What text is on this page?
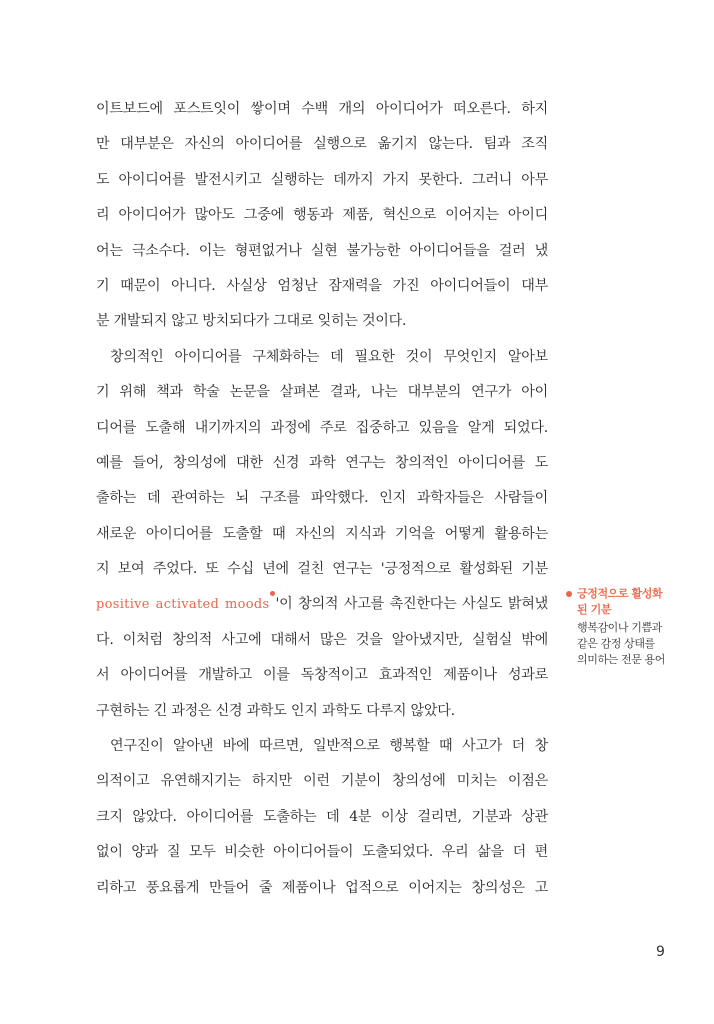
이트보드에 포스트잇이 쌓이며 수백 개의 아이디어가 떠오른다. 하지
만 대부분은 자신의 아이디어를 실행으로 옮기지 않는다. 팀과 조직
도 아이디어를 발전시키고 실행하는 데까지 가지 못한다. 그러니 아무
리 아이디어가 많아도 그중에 행동과 제품, 혁신으로 이어지는 아이디
어는 극소수다. 이는 형편없거나 실현 불가능한 아이디어들을 걸러 냈
기 때문이 아니다. 사실상 엄청난 잠재력을 가진 아이디어들이 대부
분 개발되지 않고 방치되다가 그대로 잊히는 것이다.
창의적인 아이디어를 구체화하는 데 필요한 것이 무엇인지 알아보
기 위해 책과 학술 논문을 살펴본 결과, 나는 대부분의 연구가 아이
디어를 도출해 내기까지의 과정에 주로 집중하고 있음을 알게 되었다.
예를 들어, 창의성에 대한 신경 과학 연구는 창의적인 아이디어를 도
출하는 데 관여하는 뇌 구조를 파악했다. 인지 과학자들은 사람들이
새로운 아이디어를 도출할 때 자신의 지식과 기억을 어떻게 활용하는
지 보여 주었다. 또 수십 년에 걸친 연구는 '긍정적으로 활성화된 기분
positive activated moods '이 창의적 사고를 촉진한다는 사실도 밝혀냈
다. 이처럼 창의적 사고에 대해서 많은 것을 알아냈지만, 실험실 밖에
서 아이디어를 개발하고 이를 독창적이고 효과적인 제품이나 성과로
구현하는 긴 과정은 신경 과학도 인지 과학도 다루지 않았다.
연구진이 알아낸 바에 따르면, 일반적으로 행복할 때 사고가 더 창
의적이고 유연해지기는 하지만 이런 기분이 창의성에 미치는 이점은
크지 않았다. 아이디어를 도출하는 데 4분 이상 걸리면, 기분과 상관
없이 양과 질 모두 비슷한 아이디어들이 도출되었다. 우리 삶을 더 편
리하고 풍요롭게 만들어 줄 제품이나 업적으로 이어지는 창의성은 고
긍정적으로 활성화
된 기분
행복감이나 기쁨과
같은 감정 상태를
의미하는 전문 용어
9
